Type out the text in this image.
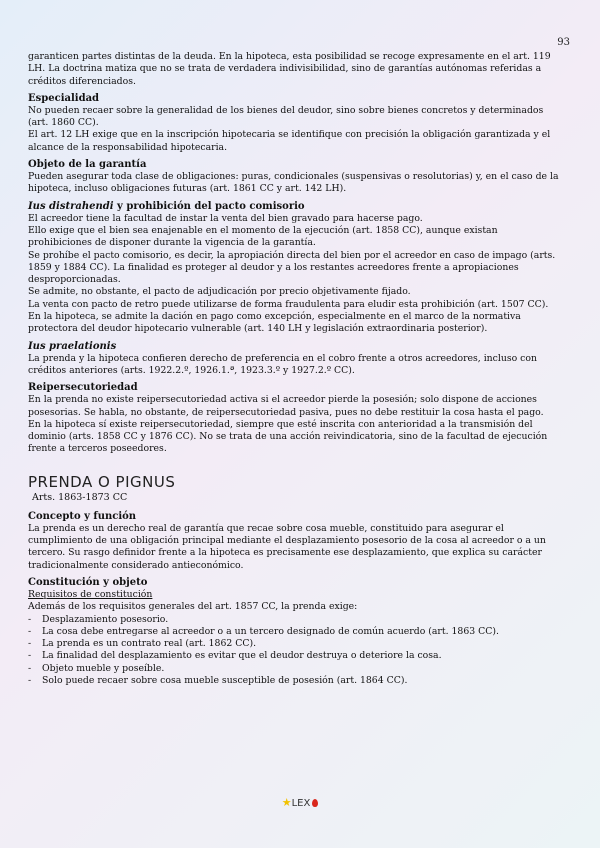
93

garanticen partes distintas de la deuda. En la hipoteca, esta posibilidad se recoge expresamente en el art. 119

LH. La doctrina matiza que no se trata de verdadera indivisibilidad, sino de garantías autónomas referidas a

créditos diferenciados.

Especialidad

No pueden recaer sobre la generalidad de los bienes del deudor, sino sobre bienes concretos y determinados

(art. 1860 CC).

El art. 12 LH exige que en la inscripción hipotecaria se identifique con precisión la obligación garantizada y el

alcance de la responsabilidad hipotecaria.

Objeto de la garantía

Pueden asegurar toda clase de obligaciones: puras, condicionales (suspensivas o resolutorias) y, en el caso de la

hipoteca, incluso obligaciones futuras (art. 1861 CC y art. 142 LH).

Ius distrahendi y prohibición del pacto comisorio

El acreedor tiene la facultad de instar la venta del bien gravado para hacerse pago.

Ello exige que el bien sea enajenable en el momento de la ejecución (art. 1858 CC), aunque existan

prohibiciones de disponer durante la vigencia de la garantía.

Se prohíbe el pacto comisorio, es decir, la apropiación directa del bien por el acreedor en caso de impago (arts.

1859 y 1884 CC). La finalidad es proteger al deudor y a los restantes acreedores frente a apropiaciones

desproporcionadas.

Se admite, no obstante, el pacto de adjudicación por precio objetivamente fijado.

La venta con pacto de retro puede utilizarse de forma fraudulenta para eludir esta prohibición (art. 1507 CC).

En la hipoteca, se admite la dación en pago como excepción, especialmente en el marco de la normativa

protectora del deudor hipotecario vulnerable (art. 140 LH y legislación extraordinaria posterior).

Ius praelationis

La prenda y la hipoteca confieren derecho de preferencia en el cobro frente a otros acreedores, incluso con

créditos anteriores (arts. 1922.2.º, 1926.1.ª, 1923.3.º y 1927.2.º CC).

Reipersecutoriedad

En la prenda no existe reipersecutoriedad activa si el acreedor pierde la posesión; solo dispone de acciones

posesorias. Se habla, no obstante, de reipersecutoriedad pasiva, pues no debe restituir la cosa hasta el pago.

En la hipoteca sí existe reipersecutoriedad, siempre que esté inscrita con anterioridad a la transmisión del

dominio (arts. 1858 CC y 1876 CC). No se trata de una acción reivindicatoria, sino de la facultad de ejecución

frente a terceros poseedores.

PRENDA O PIGNUS
Arts. 1863-1873 CC
Concepto y función

La prenda es un derecho real de garantía que recae sobre cosa mueble, constituido para asegurar el

cumplimiento de una obligación principal mediante el desplazamiento posesorio de la cosa al acreedor o a un

tercero. Su rasgo definidor frente a la hipoteca es precisamente ese desplazamiento, que explica su carácter

tradicionalmente considerado antieconómico.

Constitución y objeto

Requisitos de constitución

Además de los requisitos generales del art. 1857 CC, la prenda exige:

- Desplazamiento posesorio.
- La cosa debe entregarse al acreedor o a un tercero designado de común acuerdo (art. 1863 CC).
- La prenda es un contrato real (art. 1862 CC).
- La finalidad del desplazamiento es evitar que el deudor destruya o deteriore la cosa.
- Objeto mueble y poseíble.
- Solo puede recaer sobre cosa mueble susceptible de posesión (art. 1864 CC).
★LEX
